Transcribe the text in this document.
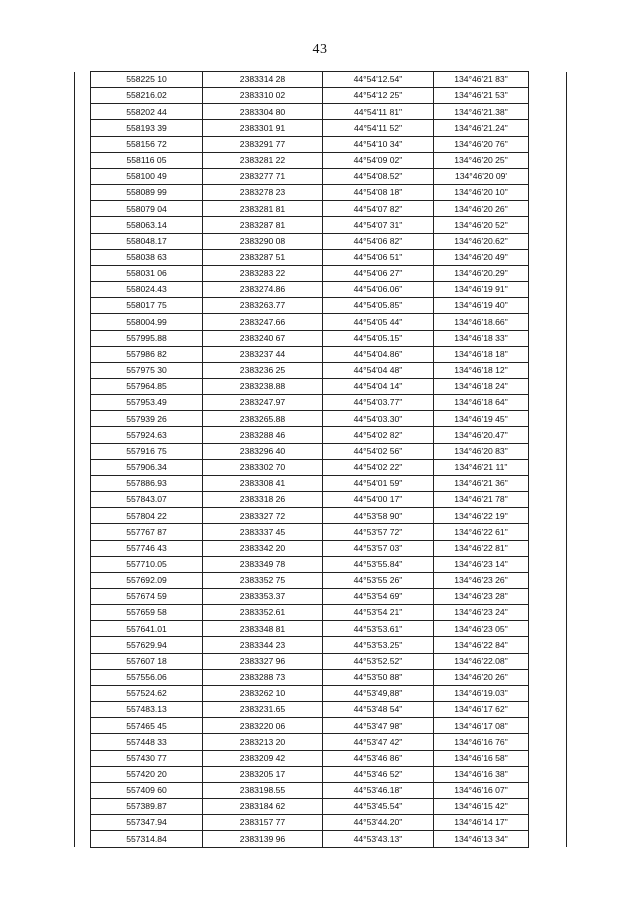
43
	558225 10	2383314 28	44°54'12.54"	134°46'21 83"	
	558216.02	2383310 02	44°54'12 25"	134°46'21 53"	
	558202 44	2383304 80	44°54'11 81"	134°46'21.38"	
	558193 39	2383301 91	44°54'11 52"	134°46'21.24"	
	558156 72	2383291 77	44°54'10 34"	134°46'20 76"	
	558116 05	2383281 22	44°54'09 02"	134°46'20 25"	
	558100 49	2383277 71	44°54'08.52"	134°46'20 09'	
	558089 99	2383278 23	44°54'08 18"	134°46'20 10"	
	558079 04	2383281 81	44°54'07 82"	134°46'20 26"	
	558063.14	2383287 81	44°54'07 31"	134°46'20 52"	
	558048.17	2383290 08	44°54'06 82"	134°46'20.62"	
	558038 63	2383287 51	44°54'06 51"	134°46'20 49"	
	558031 06	2383283 22	44°54'06 27"	134°46'20.29"	
	558024.43	2383274.86	44°54'06.06"	134°46'19 91"	
	558017 75	2383263.77	44°54'05.85"	134°46'19 40"	
	558004.99	2383247.66	44°54'05 44"	134°46'18.66"	
	557995.88	2383240 67	44°54'05.15"	134°46'18 33"	
	557986 82	2383237 44	44°54'04.86"	134°46'18 18"	
	557975 30	2383236 25	44°54'04 48"	134°46'18 12"	
	557964.85	2383238.88	44°54'04 14"	134°46'18 24"	
	557953.49	2383247.97	44°54'03.77"	134°46'18 64"	
	557939 26	2383265.88	44°54'03.30"	134°46'19 45"	
	557924.63	2383288 46	44°54'02 82"	134°46'20.47"	
	557916 75	2383296 40	44°54'02 56"	134°46'20 83"	
	557906.34	2383302 70	44°54'02 22"	134°46'21 11"	
	557886.93	2383308 41	44°54'01 59"	134°46'21 36"	
	557843.07	2383318 26	44°54'00 17"	134°46'21 78"	
	557804 22	2383327 72	44°53'58 90"	134°46'22 19"	
	557767 87	2383337 45	44°53'57 72"	134°46'22 61"	
	557746 43	2383342 20	44°53'57 03"	134°46'22 81"	
	557710.05	2383349 78	44°53'55.84"	134°46'23 14"	
	557692.09	2383352 75	44°53'55 26"	134°46'23 26"	
	557674 59	2383353.37	44°53'54 69"	134°46'23 28"	
	557659 58	2383352.61	44°53'54 21"	134°46'23 24"	
	557641.01	2383348 81	44°53'53.61"	134°46'23 05"	
	557629.94	2383344 23	44°53'53.25"	134°46'22 84"	
	557607 18	2383327 96	44°53'52.52"	134°46'22.08"	
	557556.06	2383288 73	44°53'50 88"	134°46'20 26"	
	557524.62	2383262 10	44°53'49,88"	134°46'19.03"	
	557483.13	2383231.65	44°53'48 54"	134°46'17 62"	
	557465 45	2383220 06	44°53'47 98"	134°46'17 08"	
	557448 33	2383213 20	44°53'47 42"	134°46'16 76"	
	557430 77	2383209 42	44°53'46 86"	134°46'16 58"	
	557420 20	2383205 17	44°53'46 52"	134°46'16 38"	
	557409 60	2383198.55	44°53'46.18"	134°46'16 07"	
	557389.87	2383184 62	44°53'45.54"	134°46'15 42"	
	557347.94	2383157 77	44°53'44.20"	134°46'14 17"	
	557314.84	2383139 96	44°53'43.13"	134°46'13 34"	
